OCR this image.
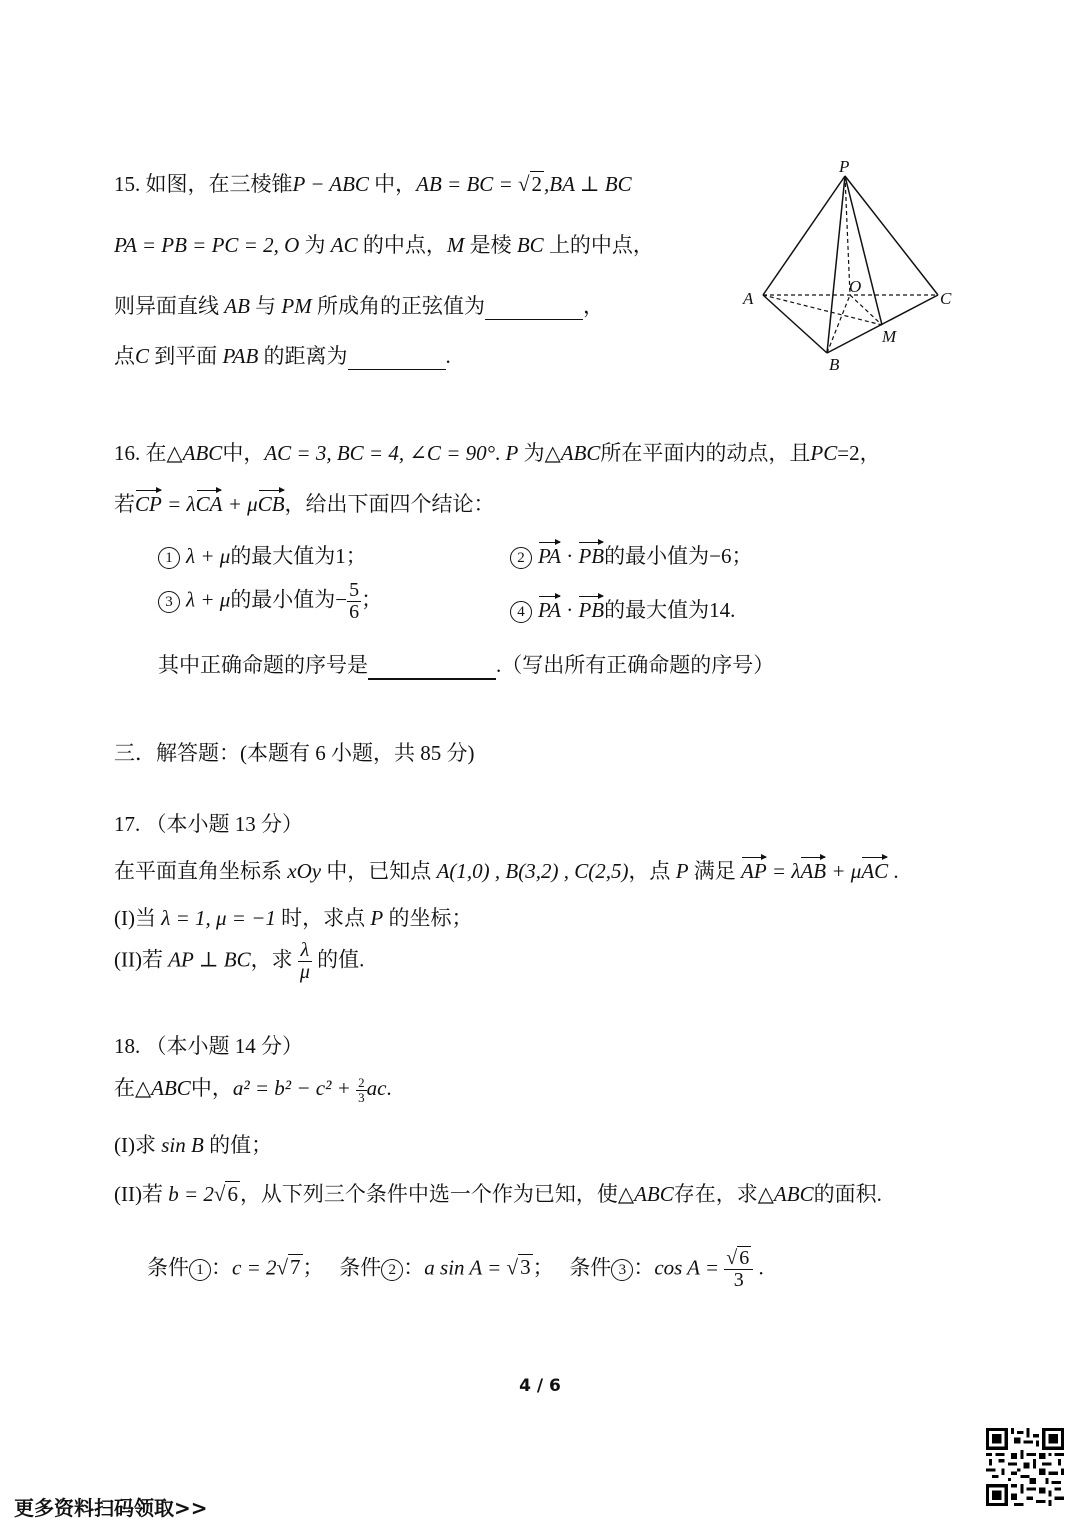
15. 如图，在三棱锥P − ABC 中，AB = BC = √2,BA ⊥ BC
PA = PB = PC = 2, O 为 AC 的中点，M 是棱 BC 上的中点，
则异面直线 AB 与 PM 所成角的正弦值为	，
点C 到平面 PAB 的距离为	.
P
A	C
B
O
M
16. 在△ABC中，AC = 3, BC = 4, ∠C = 90°. P 为△ABC所在平面内的动点，且PC=2，
若CP = λCA + μCB，给出下面四个结论：
1 λ + μ的最大值为1；	2 PA · PB的最小值为−6；
3 λ + μ的最小值为− $\frac{5}{6}$ ；
4 PA · PB的最大值为14.
其中正确命题的序号是	.（写出所有正确命题的序号）
三．解答题：(本题有 6 小题，共 85 分)
17. （本小题 13 分）
在平面直角坐标系 xOy 中，已知点 A(1,0) , B(3,2) , C(2,5)，点 P 满足 AP = λAB + μAC .
(I)当 λ = 1, μ = −1 时，求点 P 的坐标；
(II)若 AP ⊥ BC，求 $\frac{\lambda}{\mu}$ 的值.
18. （本小题 14 分）
在△ABC中，$a^2 = b^2 - c^2 + \frac{2}{3}$ ac.
(I)求 sin B 的值；
(II)若 b = 2√6，从下列三个条件中选一个作为已知，使△ABC存在，求△ABC的面积.
条件 1 ：c = 2√7； 条件 2 ：a sin A = √3； 条件 3 ：$\cos A = \frac{√ 6}{3}$ .
4 / 6
更多资料扫码领取>>
